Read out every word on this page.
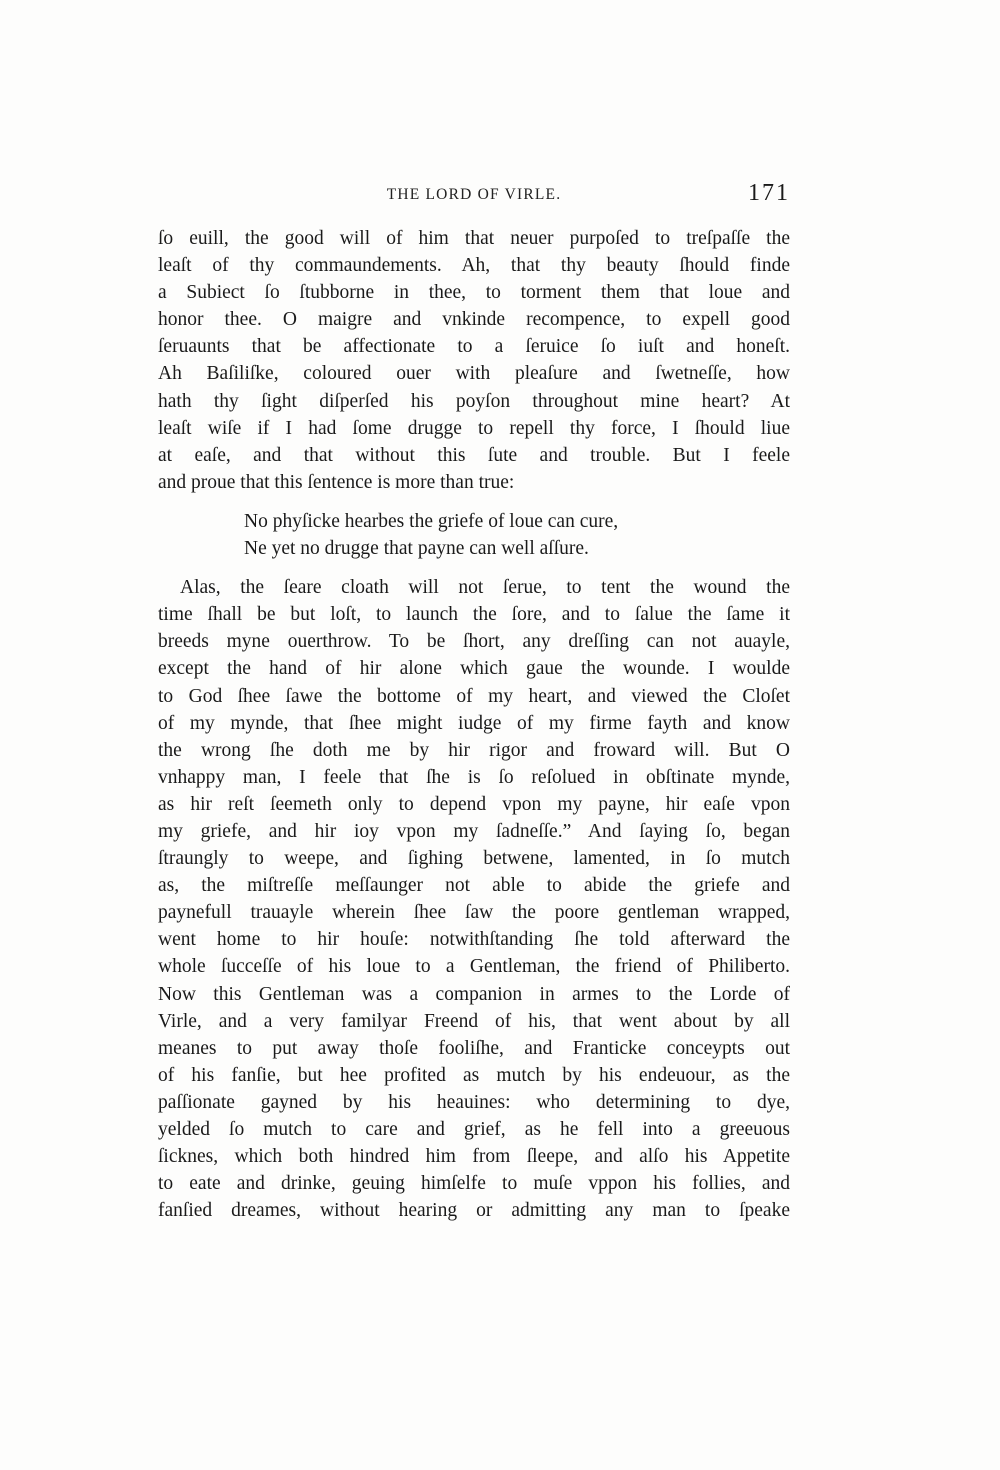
THE LORD OF VIRLE.	171
ſo euill, the good will of him that neuer purpoſed to treſpaſſe the
leaſt of thy commaundements. Ah, that thy beauty ſhould finde
a Subiect ſo ſtubborne in thee, to torment them that loue and
honor thee. O maigre and vnkinde recompence, to expell good
ſeruaunts that be affectionate to a ſeruice ſo iuſt and honeſt.
Ah Baſiliſke, coloured ouer with pleaſure and ſwetneſſe, how
hath thy ſight diſperſed his poyſon throughout mine heart? At
leaſt wiſe if I had ſome drugge to repell thy force, I ſhould liue
at eaſe, and that without this ſute and trouble. But I feele
and proue that this ſentence is more than true:
No phyſicke hearbes the griefe of loue can cure,
Ne yet no drugge that payne can well aſſure.
Alas, the ſeare cloath will not ſerue, to tent the wound the
time ſhall be but loſt, to launch the ſore, and to ſalue the ſame it
breeds myne ouerthrow. To be ſhort, any dreſſing can not auayle,
except the hand of hir alone which gaue the wounde. I woulde
to God ſhee ſawe the bottome of my heart, and viewed the Cloſet
of my mynde, that ſhee might iudge of my firme fayth and know
the wrong ſhe doth me by hir rigor and froward will. But O
vnhappy man, I feele that ſhe is ſo reſolued in obſtinate mynde,
as hir reſt ſeemeth only to depend vpon my payne, hir eaſe vpon
my griefe, and hir ioy vpon my ſadneſſe.” And ſaying ſo, began
ſtraungly to weepe, and ſighing betwene, lamented, in ſo mutch
as, the miſtreſſe meſſaunger not able to abide the griefe and
paynefull trauayle wherein ſhee ſaw the poore gentleman wrapped,
went home to hir houſe: notwithſtanding ſhe told afterward the
whole ſucceſſe of his loue to a Gentleman, the friend of Philiberto.
Now this Gentleman was a companion in armes to the Lorde of
Virle, and a very familyar Freend of his, that went about by all
meanes to put away thoſe fooliſhe, and Franticke conceypts out
of his fanſie, but hee profited as mutch by his endeuour, as the
paſſionate gayned by his heauines: who determining to dye,
yelded ſo mutch to care and grief, as he fell into a greeuous
ſicknes, which both hindred him from ſleepe, and alſo his Appetite
to eate and drinke, geuing himſelfe to muſe vppon his follies, and
fanſied dreames, without hearing or admitting any man to ſpeake
